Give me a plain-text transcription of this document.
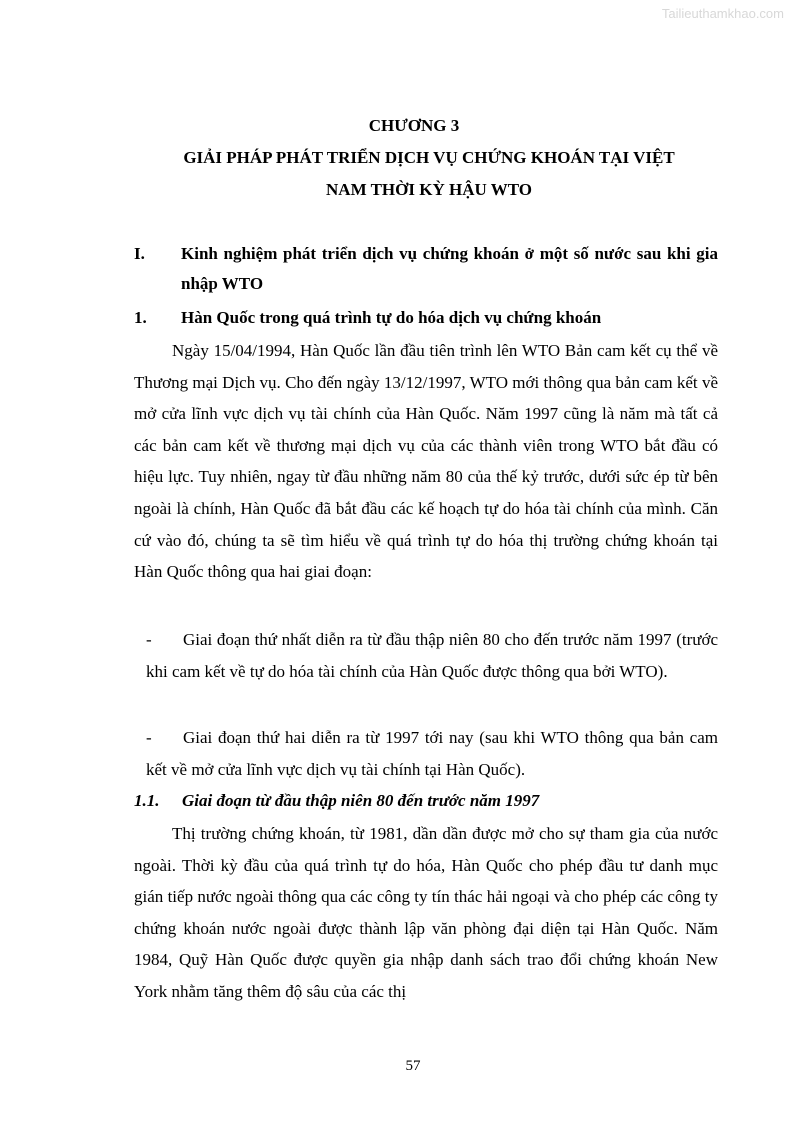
Tailieuthamkhao.com
CHƯƠNG 3
GIẢI PHÁP PHÁT TRIỂN DỊCH VỤ CHỨNG KHOÁN TẠI VIỆT
NAM THỜI KỲ HẬU WTO
I. Kinh nghiệm phát triển dịch vụ chứng khoán ở một số nước sau khi gia nhập WTO
1. Hàn Quốc trong quá trình tự do hóa dịch vụ chứng khoán

Ngày 15/04/1994, Hàn Quốc lần đầu tiên trình lên WTO Bản cam kết cụ thể về Thương mại Dịch vụ. Cho đến ngày 13/12/1997, WTO mới thông qua bản cam kết về mở cửa lĩnh vực dịch vụ tài chính của Hàn Quốc. Năm 1997 cũng là năm mà tất cả các bản cam kết về thương mại dịch vụ của các thành viên trong WTO bắt đầu có hiệu lực. Tuy nhiên, ngay từ đầu những năm 80 của thế kỷ trước, dưới sức ép từ bên ngoài là chính, Hàn Quốc đã bắt đầu các kế hoạch tự do hóa tài chính của mình. Căn cứ vào đó, chúng ta sẽ tìm hiểu về quá trình tự do hóa thị trường chứng khoán tại Hàn Quốc thông qua hai giai đoạn:

-	Giai đoạn thứ nhất diễn ra từ đầu thập niên 80 cho đến trước năm 1997 (trước khi cam kết về tự do hóa tài chính của Hàn Quốc được thông qua bởi WTO).
-	Giai đoạn thứ hai diễn ra từ 1997 tới nay (sau khi WTO thông qua bản cam kết về mở cửa lĩnh vực dịch vụ tài chính tại Hàn Quốc).
1.1. Giai đoạn từ đầu thập niên 80 đến trước năm 1997

Thị trường chứng khoán, từ 1981, dần dần được mở cho sự tham gia của nước ngoài. Thời kỳ đầu của quá trình tự do hóa, Hàn Quốc cho phép đầu tư danh mục gián tiếp nước ngoài thông qua các công ty tín thác hải ngoại và cho phép các công ty chứng khoán nước ngoài được thành lập văn phòng đại diện tại Hàn Quốc. Năm 1984, Quỹ Hàn Quốc được quyền gia nhập danh sách trao đổi chứng khoán New York nhằm tăng thêm độ sâu của các thị

57
